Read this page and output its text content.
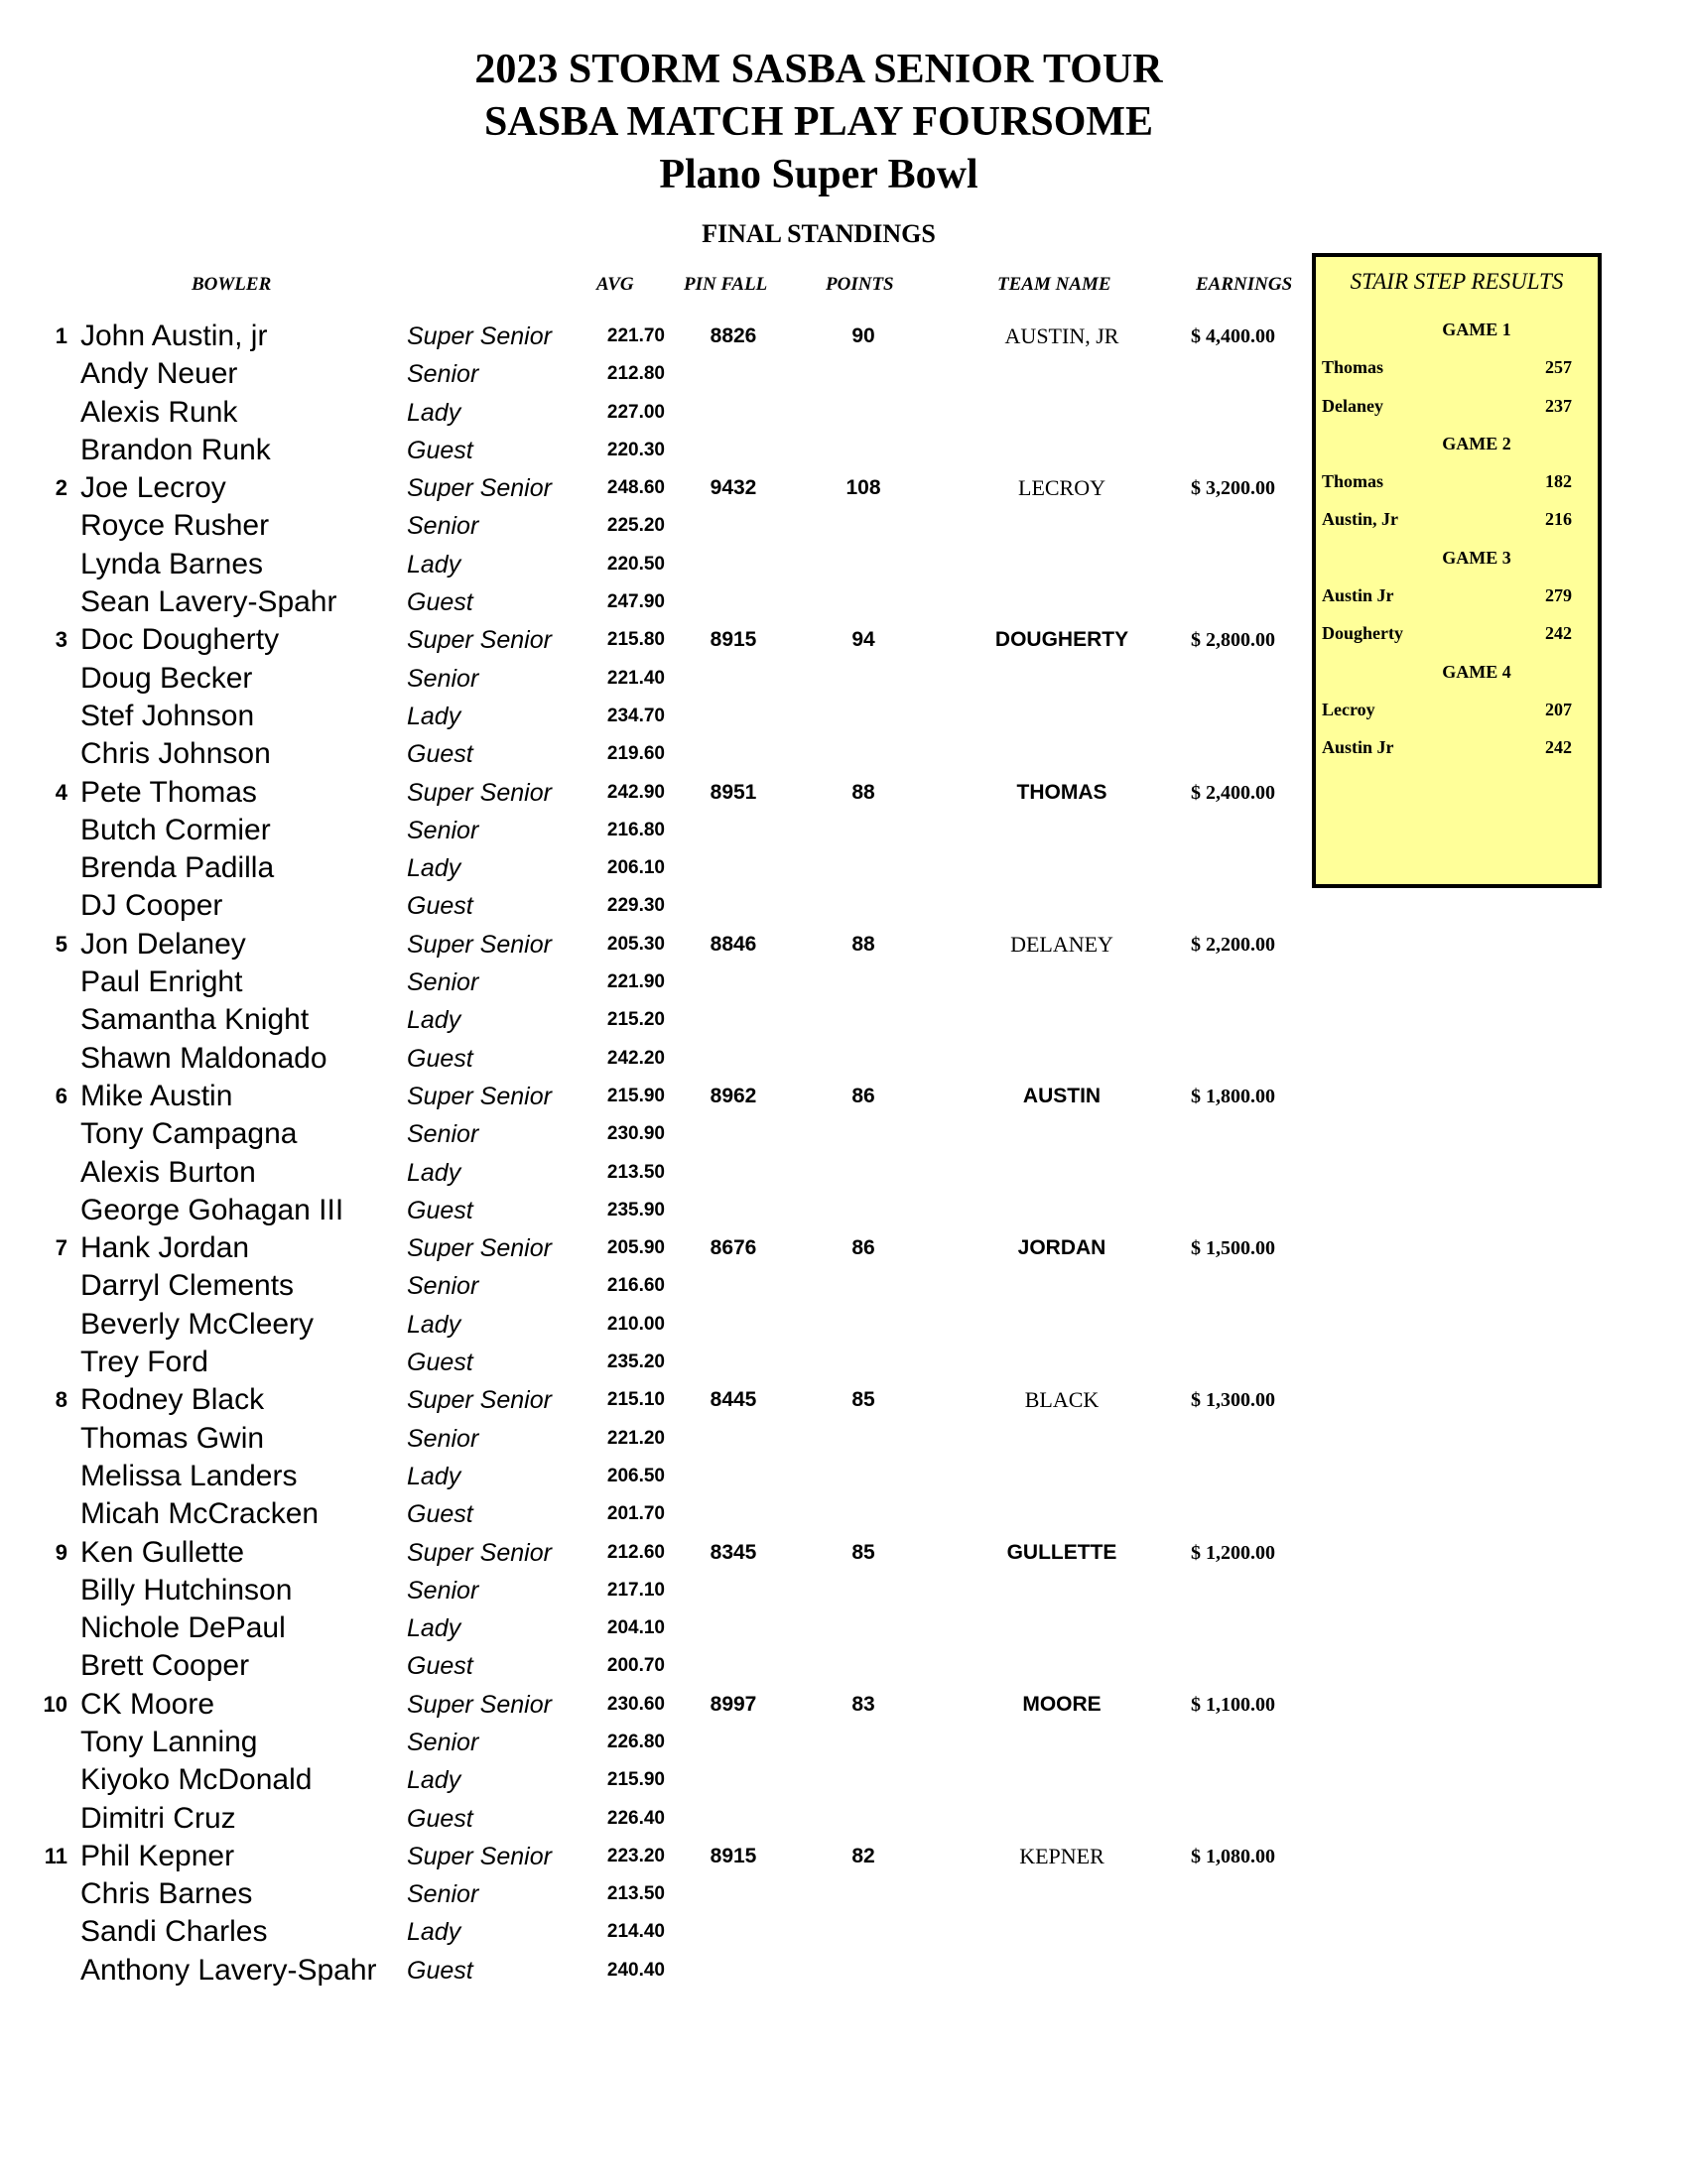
2023 STORM SASBA SENIOR TOUR
SASBA MATCH PLAY FOURSOME
Plano Super Bowl
FINAL STANDINGS
BOWLER	AVG	PIN FALL	POINTS	TEAM NAME	EARNINGS
1 John Austin, jr	Super Senior	221.70	8826	90	AUSTIN, JR	$ 4,400.00
Andy Neuer	Senior	212.80
Alexis Runk	Lady	227.00
Brandon Runk	Guest	220.30
2 Joe Lecroy	Super Senior	248.60	9432	108	LECROY	$ 3,200.00
Royce Rusher	Senior	225.20
Lynda Barnes	Lady	220.50
Sean Lavery-Spahr	Guest	247.90
3 Doc Dougherty	Super Senior	215.80	8915	94	DOUGHERTY	$ 2,800.00
Doug Becker	Senior	221.40
Stef Johnson	Lady	234.70
Chris Johnson	Guest	219.60
4 Pete Thomas	Super Senior	242.90	8951	88	THOMAS	$ 2,400.00
Butch Cormier	Senior	216.80
Brenda Padilla	Lady	206.10
DJ Cooper	Guest	229.30
5 Jon Delaney	Super Senior	205.30	8846	88	DELANEY	$ 2,200.00
Paul Enright	Senior	221.90
Samantha Knight	Lady	215.20
Shawn Maldonado	Guest	242.20
6 Mike Austin	Super Senior	215.90	8962	86	AUSTIN	$ 1,800.00
Tony Campagna	Senior	230.90
Alexis Burton	Lady	213.50
George Gohagan III	Guest	235.90
7 Hank Jordan	Super Senior	205.90	8676	86	JORDAN	$ 1,500.00
Darryl Clements	Senior	216.60
Beverly McCleery	Lady	210.00
Trey Ford	Guest	235.20
8 Rodney Black	Super Senior	215.10	8445	85	BLACK	$ 1,300.00
Thomas Gwin	Senior	221.20
Melissa Landers	Lady	206.50
Micah McCracken	Guest	201.70
9 Ken Gullette	Super Senior	212.60	8345	85	GULLETTE	$ 1,200.00
Billy Hutchinson	Senior	217.10
Nichole DePaul	Lady	204.10
Brett Cooper	Guest	200.70
10 CK Moore	Super Senior	230.60	8997	83	MOORE	$ 1,100.00
Tony Lanning	Senior	226.80
Kiyoko McDonald	Lady	215.90
Dimitri Cruz	Guest	226.40
11 Phil Kepner	Super Senior	223.20	8915	82	KEPNER	$ 1,080.00
Chris Barnes	Senior	213.50
Sandi Charles	Lady	214.40
Anthony Lavery-Spahr Guest	240.40
STAIR STEP RESULTS
GAME 1
Thomas	257
Delaney	237
GAME 2
Thomas	182
Austin, Jr	216
GAME 3
Austin Jr	279
Dougherty	242
GAME 4
Lecroy	207
Austin Jr	242
